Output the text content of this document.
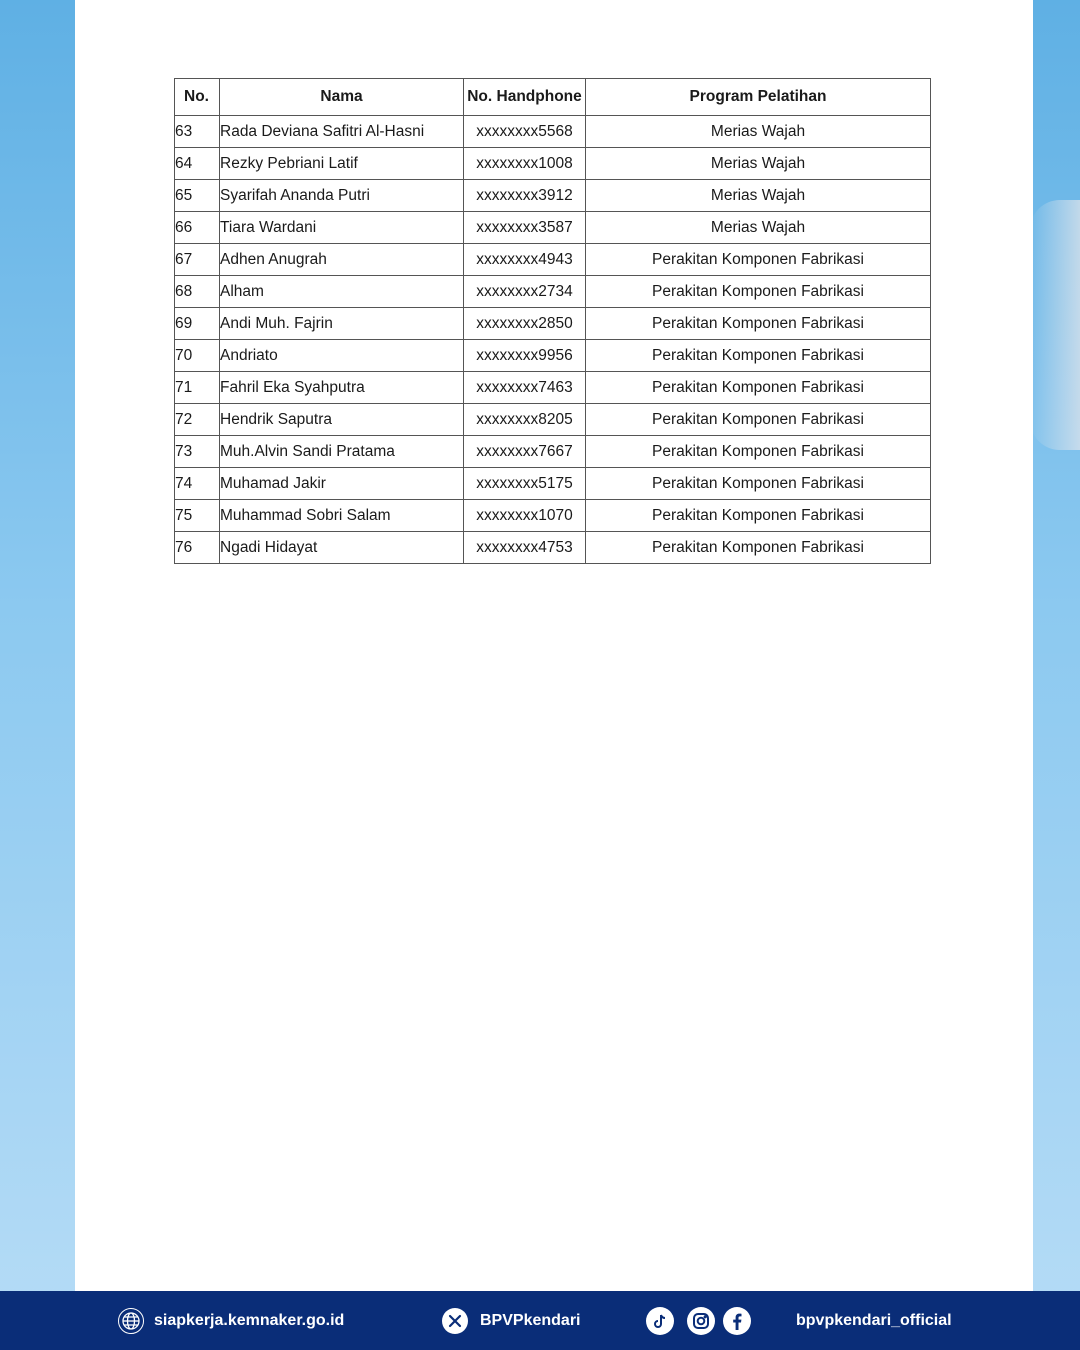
No.	Nama	No. Handphone	Program Pelatihan
63	Rada Deviana Safitri Al-Hasni	xxxxxxxx5568	Merias Wajah
64	Rezky Pebriani Latif	xxxxxxxx1008	Merias Wajah
65	Syarifah Ananda Putri	xxxxxxxx3912	Merias Wajah
66	Tiara Wardani	xxxxxxxx3587	Merias Wajah
67	Adhen Anugrah	xxxxxxxx4943	Perakitan Komponen Fabrikasi
68	Alham	xxxxxxxx2734	Perakitan Komponen Fabrikasi
69	Andi Muh. Fajrin	xxxxxxxx2850	Perakitan Komponen Fabrikasi
70	Andriato	xxxxxxxx9956	Perakitan Komponen Fabrikasi
71	Fahril Eka Syahputra	xxxxxxxx7463	Perakitan Komponen Fabrikasi
72	Hendrik Saputra	xxxxxxxx8205	Perakitan Komponen Fabrikasi
73	Muh.Alvin Sandi Pratama	xxxxxxxx7667	Perakitan Komponen Fabrikasi
74	Muhamad Jakir	xxxxxxxx5175	Perakitan Komponen Fabrikasi
75	Muhammad Sobri Salam	xxxxxxxx1070	Perakitan Komponen Fabrikasi
76	Ngadi Hidayat	xxxxxxxx4753	Perakitan Komponen Fabrikasi
siapkerja.kemnaker.go.id	BPVPkendari	bpvpkendari_official
